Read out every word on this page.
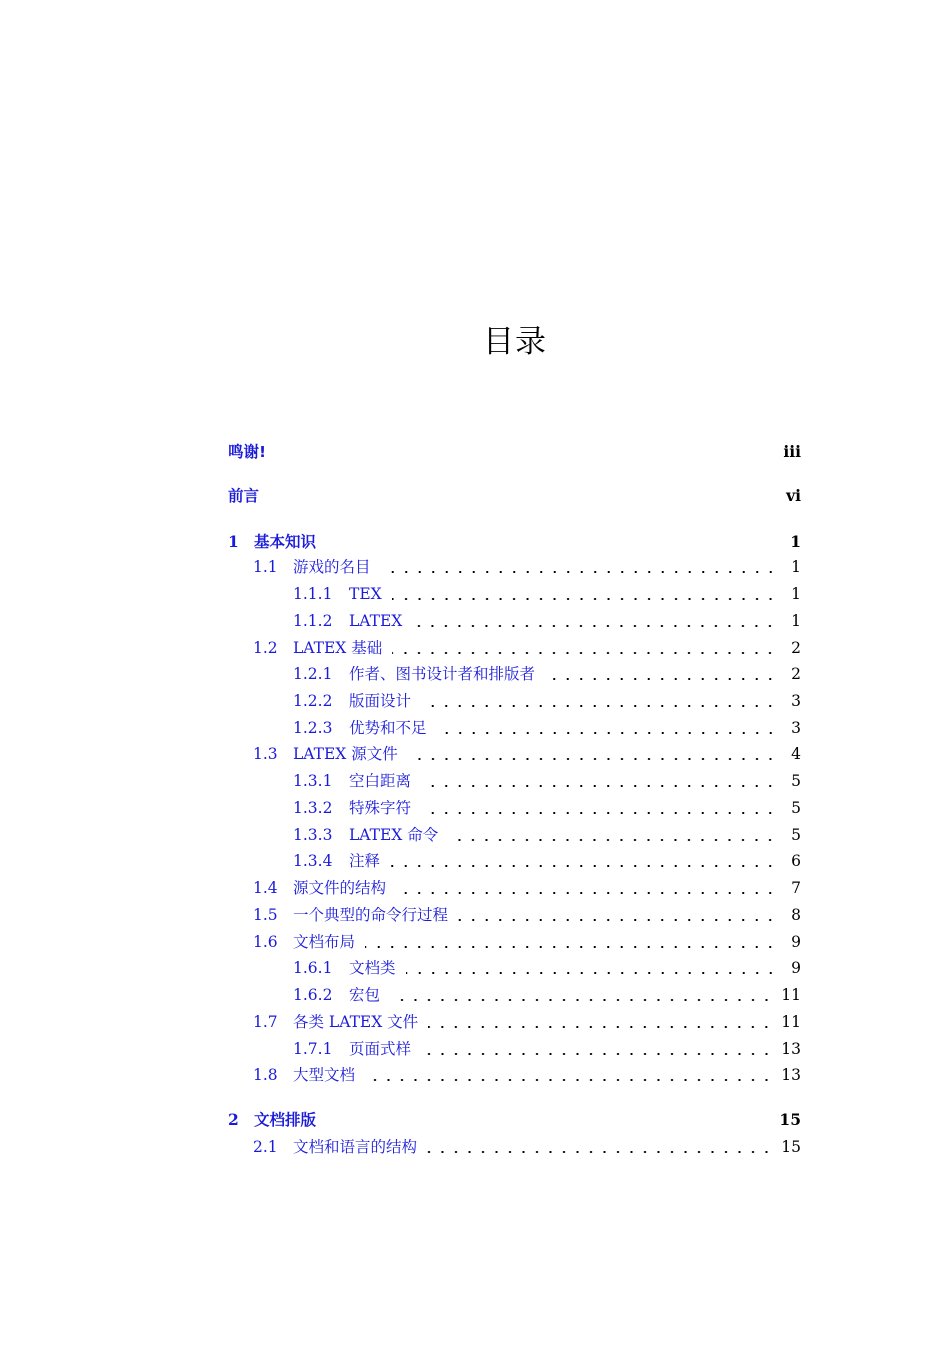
目录
鸣谢!	iii
前言	vi
1 基本知识	1
1.1 游戏的名目	1
1.1.1	TEX	1
1.1.2	LATEX	1
1.2 LATEX 基础	2
1.2.1	作者、图书设计者和排版者	2
1.2.2	版面设计	3
1.2.3	优势和不足	3
1.3 LATEX 源文件	4
1.3.1	空白距离	5
1.3.2	特殊字符	5
1.3.3	LATEX 命令	5
1.3.4	注释	6
1.4 源文件的结构	7
1.5 一个典型的命令行过程	8
1.6 文档布局	9
1.6.1	文档类	9
1.6.2	宏包	11
1.7 各类 LATEX 文件	11
1.7.1	页面式样	13
1.8 大型文档	13
2 文档排版	15
2.1 文档和语言的结构	15
